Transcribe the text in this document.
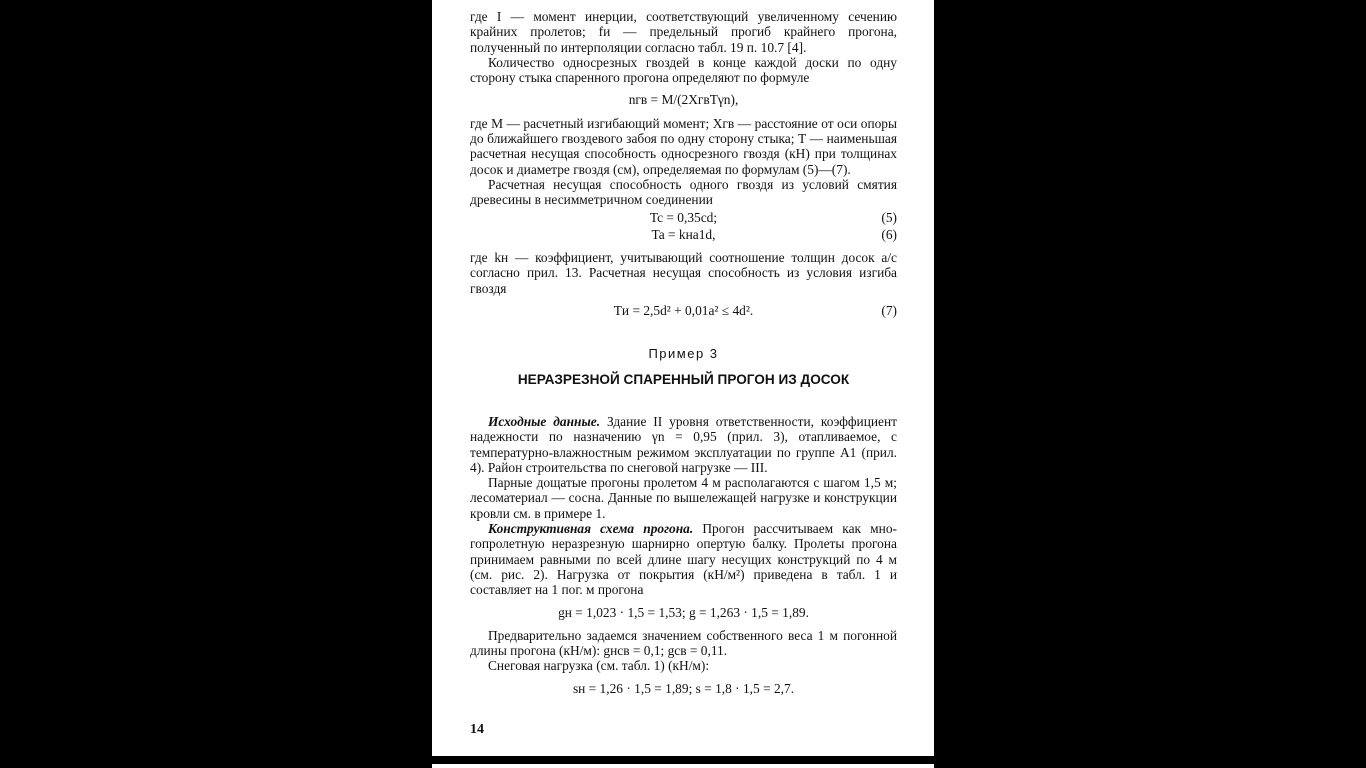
где I — момент инерции, соответствующий увеличенному сечению крайних пролетов; fи — предельный прогиб крайнего прогона, полученный по интерполяции согласно табл. 19 п. 10.7 [4].

Количество односрезных гвоздей в конце каждой доски по одну сторону стыка спаренного прогона определяют по формуле

nгв = M/(2XгвTγn),

где M — расчетный изгибающий момент; Xгв — расстояние от оси опоры до ближайшего гвоздевого забоя по одну сторону стыка; T — наименьшая расчетная несущая способность односрезного гвоздя (кН) при толщинах досок и диаметре гвоздя (см), определяемая по формулам (5)—(7).

Расчетная несущая способность одного гвоздя из условий смятия древесины в несимметричном соединении

Tc = 0,35cd;	(5)
Ta = kнa1d,	(6)

где kн — коэффициент, учитывающий соотношение толщин досок a/c согласно прил. 13. Расчетная несущая способность из условия изгиба гвоздя

Tи = 2,5d² + 0,01a² ≤ 4d².	(7)
Пример 3
НЕРАЗРЕЗНОЙ СПАРЕННЫЙ ПРОГОН ИЗ ДОСОК

Исходные данные. Здание II уровня ответственности, коэффициент надежности по назначению γn = 0,95 (прил. 3), отапливаемое, с температурно-влажностным режимом эксплуатации по группе А1 (прил. 4). Район строительства по снеговой нагрузке — III.

Парные дощатые прогоны пролетом 4 м располагаются с шагом 1,5 м; лесоматериал — сосна. Данные по вышележащей нагрузке и конструкции кровли см. в примере 1.

Конструктивная схема прогона. Прогон рассчитываем как многопролетную неразрезную шарнирно опертую балку. Пролеты прогона принимаем равными по всей длине шагу несущих конструкций по 4 м (см. рис. 2). Нагрузка от покрытия (кН/м²) приведена в табл. 1 и составляет на 1 пог. м прогона

gн = 1,023 · 1,5 = 1,53; g = 1,263 · 1,5 = 1,89.

Предварительно задаемся значением собственного веса 1 м погонной длины прогона (кН/м): gнсв = 0,1; gсв = 0,11.

Снеговая нагрузка (см. табл. 1) (кН/м):

sн = 1,26 · 1,5 = 1,89; s = 1,8 · 1,5 = 2,7.
14
